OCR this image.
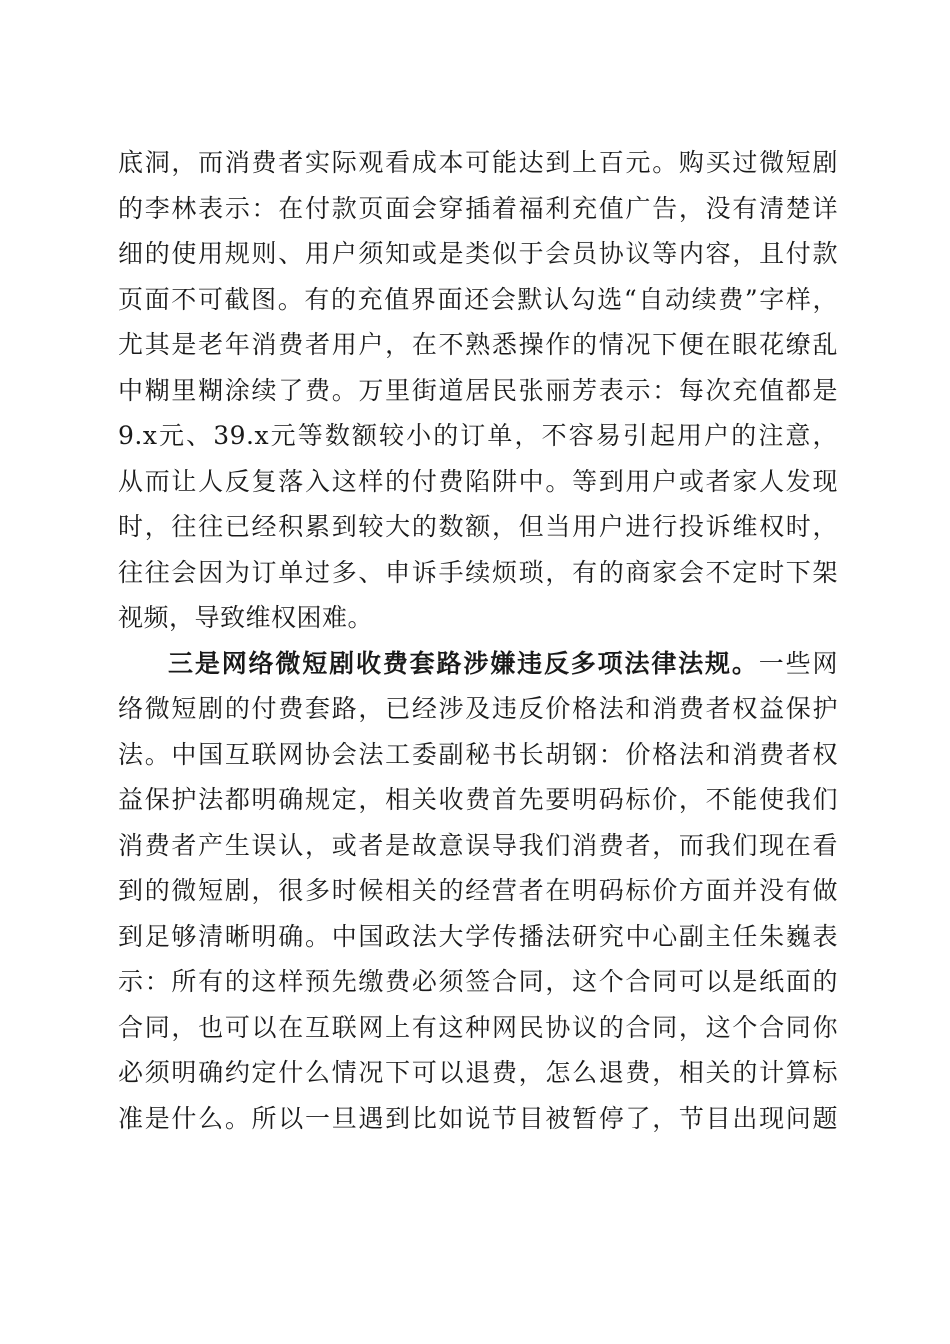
底洞，而消费者实际观看成本可能达到上百元。购买过微短剧
的李林表示：在付款页面会穿插着福利充值广告，没有清楚详
细的使用规则、用户须知或是类似于会员协议等内容，且付款
页面不可截图。有的充值界面还会默认勾选“自动续费”字样，
尤其是老年消费者用户，在不熟悉操作的情况下便在眼花缭乱
中糊里糊涂续了费。万里街道居民张丽芳表示：每次充值都是
9.x元、39.x元等数额较小的订单，不容易引起用户的注意，
从而让人反复落入这样的付费陷阱中。等到用户或者家人发现
时，往往已经积累到较大的数额，但当用户进行投诉维权时，
往往会因为订单过多、申诉手续烦琐，有的商家会不定时下架
视频，导致维权困难。
三是网络微短剧收费套路涉嫌违反多项法律法规。一些网
络微短剧的付费套路，已经涉及违反价格法和消费者权益保护
法。中国互联网协会法工委副秘书长胡钢：价格法和消费者权
益保护法都明确规定，相关收费首先要明码标价，不能使我们
消费者产生误认，或者是故意误导我们消费者，而我们现在看
到的微短剧，很多时候相关的经营者在明码标价方面并没有做
到足够清晰明确。中国政法大学传播法研究中心副主任朱巍表
示：所有的这样预先缴费必须签合同，这个合同可以是纸面的
合同，也可以在互联网上有这种网民协议的合同，这个合同你
必须明确约定什么情况下可以退费，怎么退费，相关的计算标
准是什么。所以一旦遇到比如说节目被暂停了，节目出现问题
